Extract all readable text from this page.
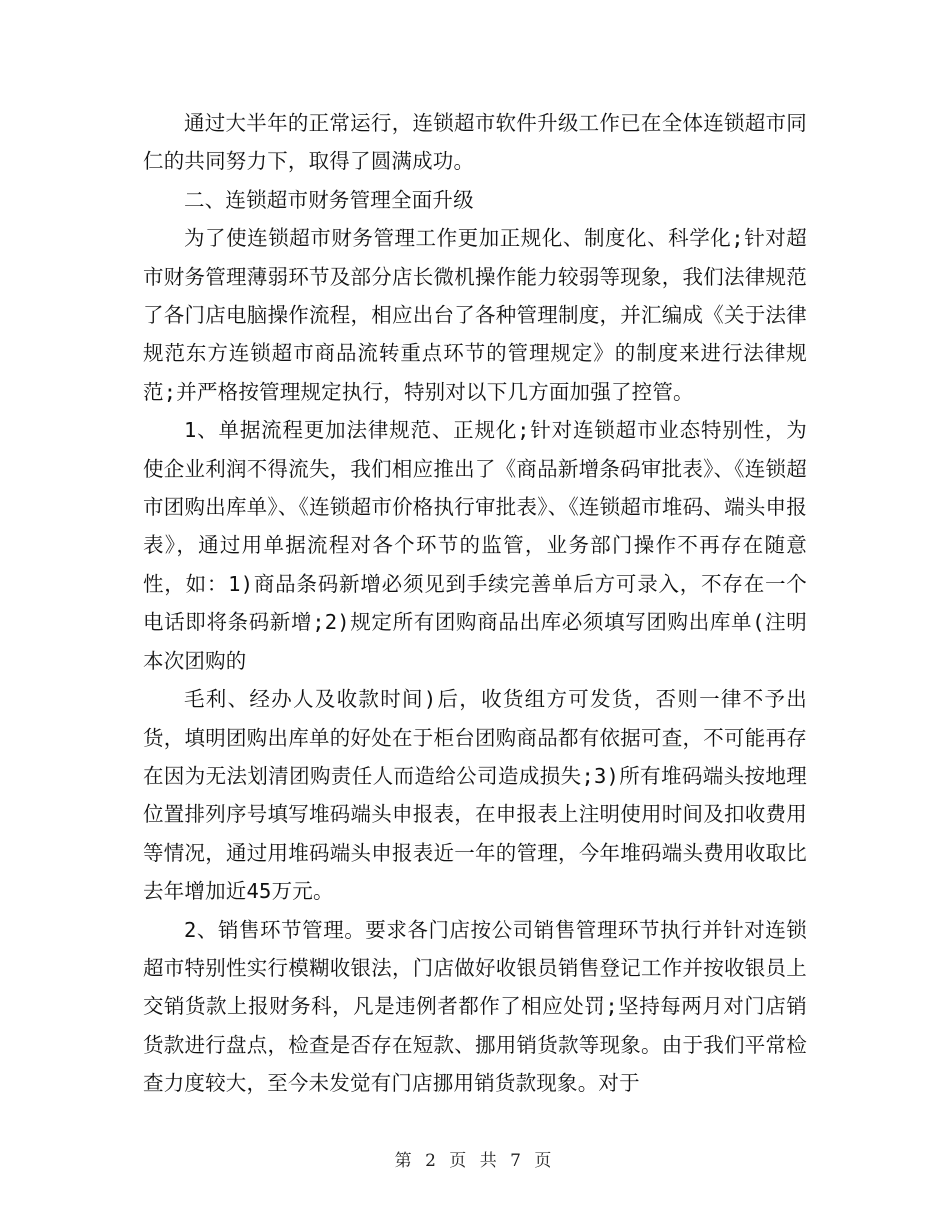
通过大半年的正常运行，连锁超市软件升级工作已在全体连锁超市同仁的共同努力下，取得了圆满成功。

二、连锁超市财务管理全面升级

为了使连锁超市财务管理工作更加正规化、制度化、科学化;针对超市财务管理薄弱环节及部分店长微机操作能力较弱等现象，我们法律规范了各门店电脑操作流程，相应出台了各种管理制度，并汇编成《关于法律规范东方连锁超市商品流转重点环节的管理规定》的制度来进行法律规范;并严格按管理规定执行，特别对以下几方面加强了控管。

1、单据流程更加法律规范、正规化;针对连锁超市业态特别性，为使企业利润不得流失，我们相应推出了《商品新增条码审批表》、《连锁超市团购出库单》、《连锁超市价格执行审批表》、《连锁超市堆码、端头申报表》，通过用单据流程对各个环节的监管，业务部门操作不再存在随意性，如：1)商品条码新增必须见到手续完善单后方可录入，不存在一个电话即将条码新增;2)规定所有团购商品出库必须填写团购出库单(注明本次团购的

毛利、经办人及收款时间)后，收货组方可发货，否则一律不予出货，填明团购出库单的好处在于柜台团购商品都有依据可查，不可能再存在因为无法划清团购责任人而造给公司造成损失;3)所有堆码端头按地理位置排列序号填写堆码端头申报表，在申报表上注明使用时间及扣收费用等情况，通过用堆码端头申报表近一年的管理，今年堆码端头费用收取比去年增加近45万元。

2、销售环节管理。要求各门店按公司销售管理环节执行并针对连锁超市特别性实行模糊收银法，门店做好收银员销售登记工作并按收银员上交销货款上报财务科，凡是违例者都作了相应处罚;坚持每两月对门店销货款进行盘点，检查是否存在短款、挪用销货款等现象。由于我们平常检查力度较大，至今未发觉有门店挪用销货款现象。对于

第 2 页 共 7 页
